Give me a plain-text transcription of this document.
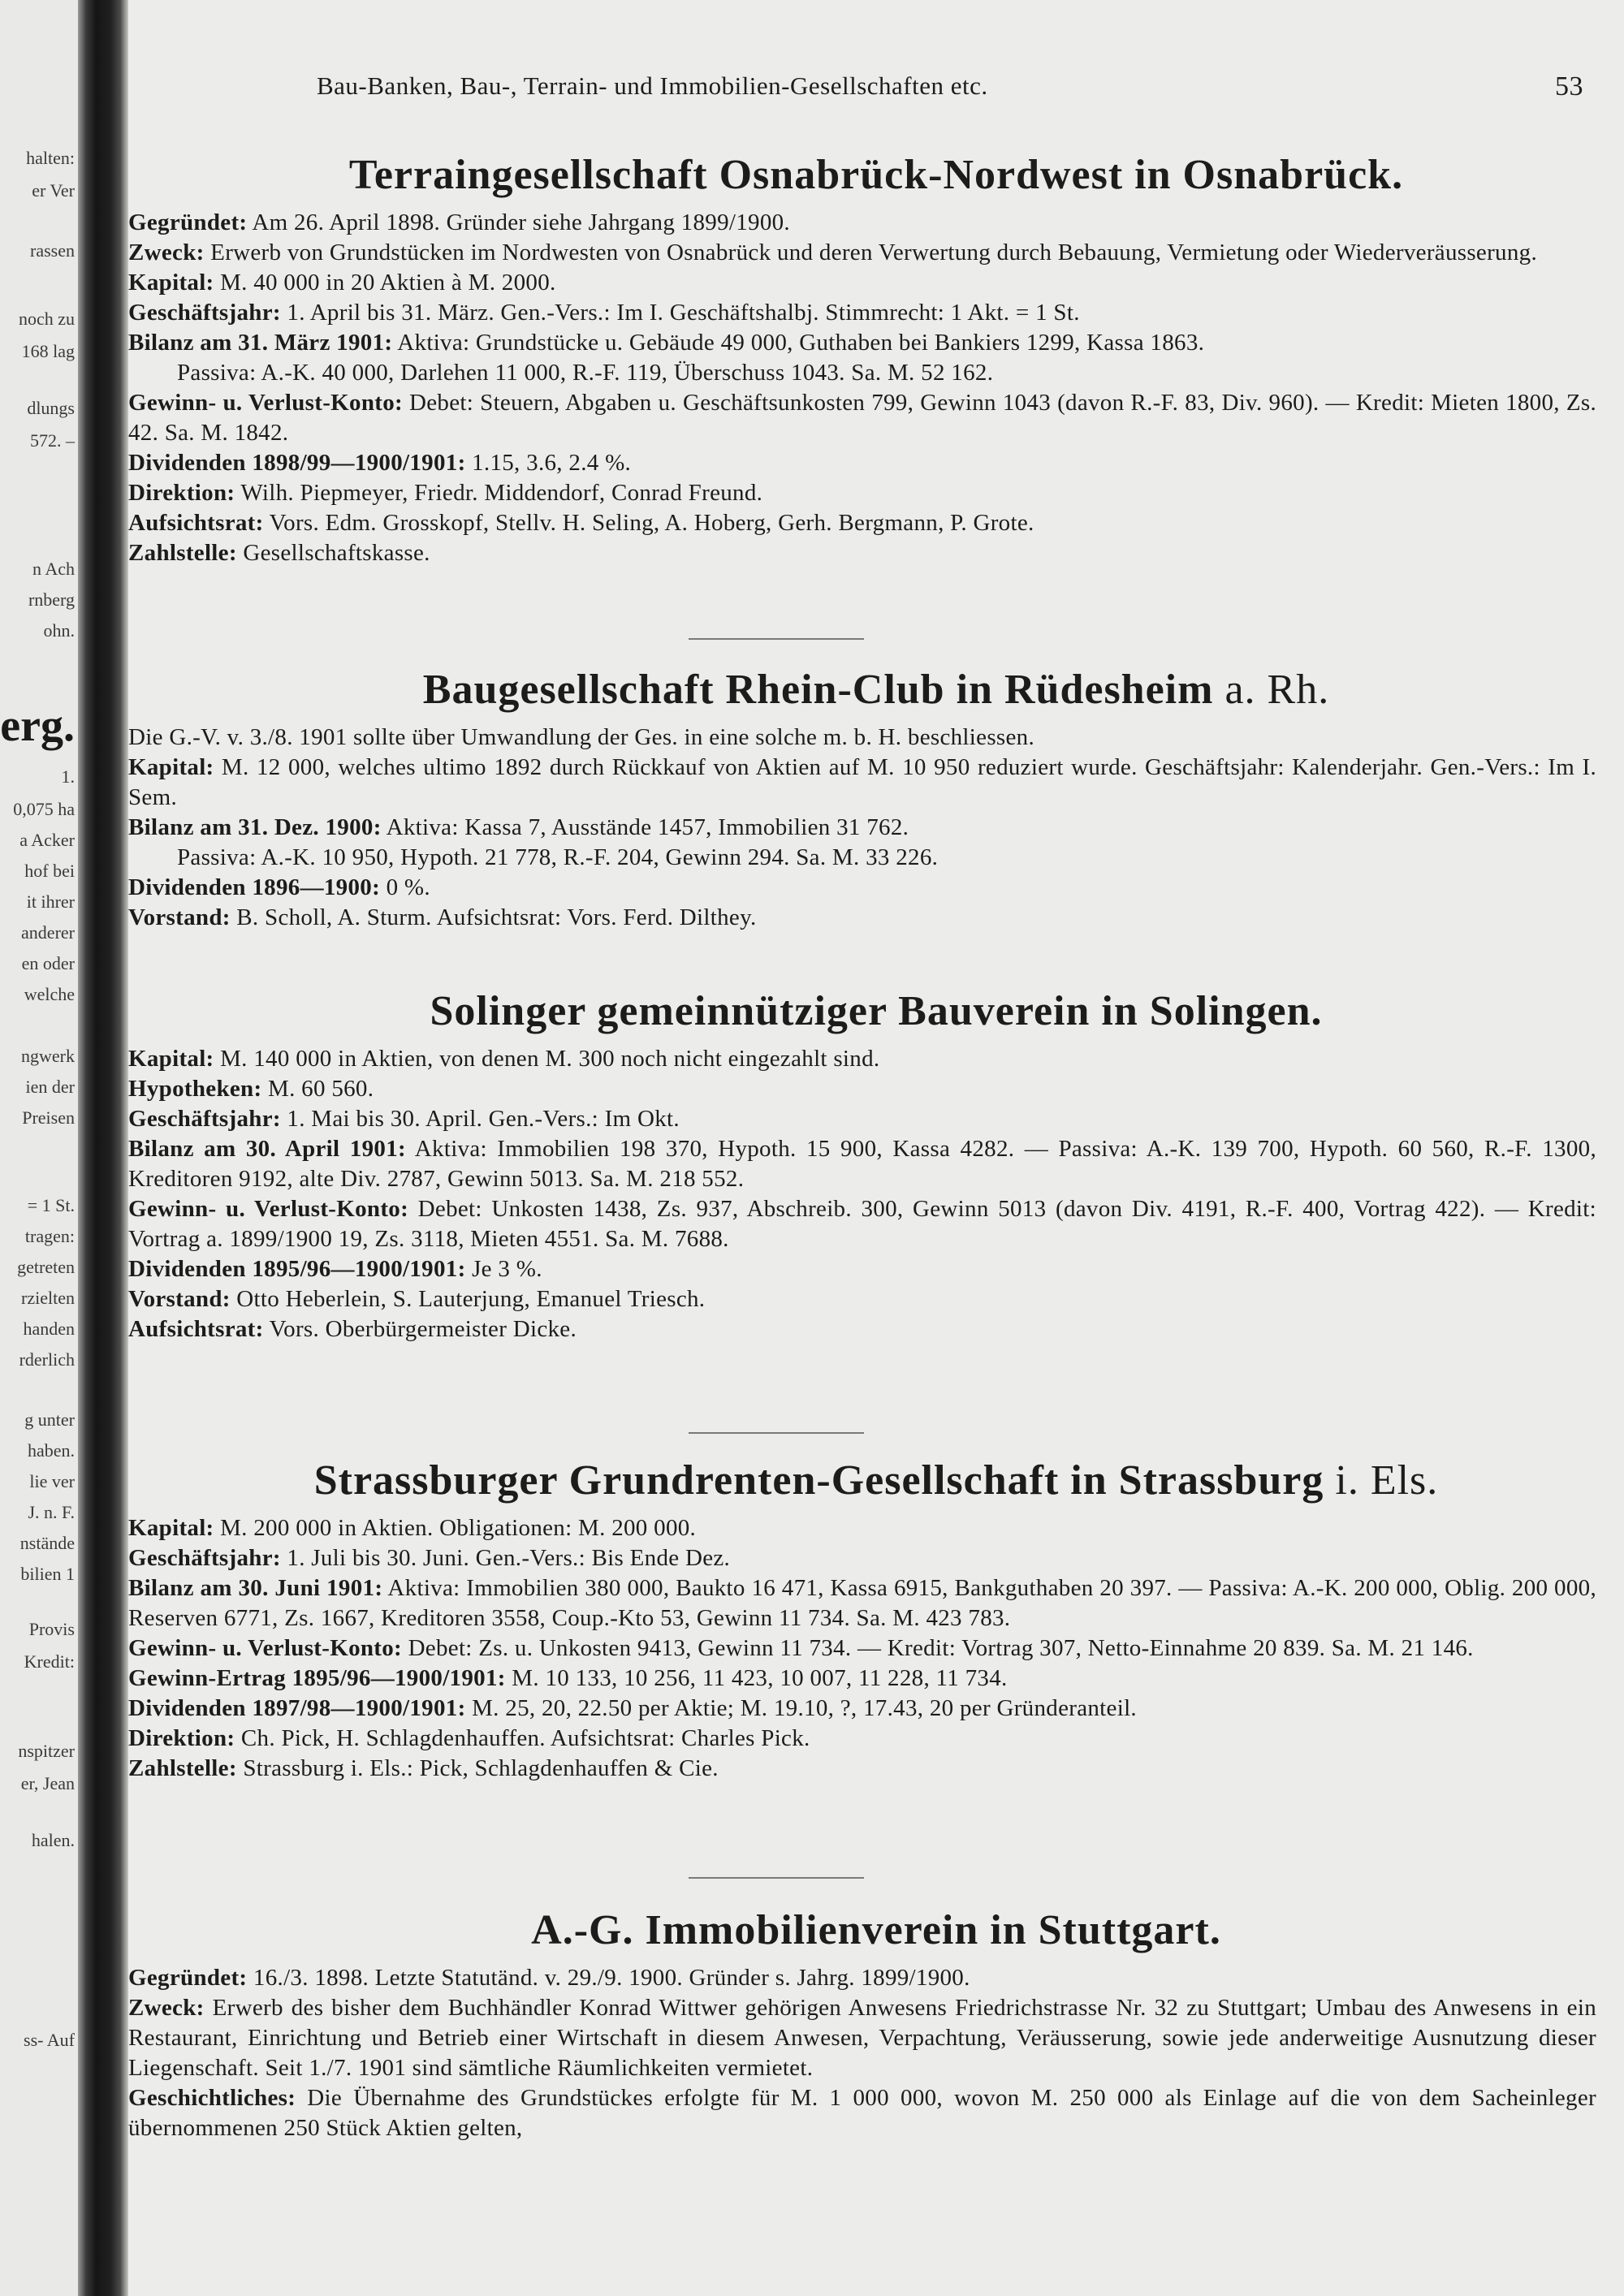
halten:
er Ver
rassen
noch zu
168 lag
dlungs
572. –
n Ach
rnberg
ohn.
erg.
1.
0,075 ha
a Acker
hof bei
it ihrer
anderer
en oder
welche
ngwerk
ien der
Preisen
= 1 St.
tragen:
getreten
rzielten
handen
rderlich
g unter
haben.
lie ver
J. n. F.
nstände
bilien 1
Provis
Kredit:
nspitzer
er, Jean
halen.
ss- Auf
Bau-Banken, Bau-, Terrain- und Immobilien-Gesellschaften etc.	53
Terraingesellschaft Osnabrück-Nordwest in Osnabrück.
Gegründet: Am 26. April 1898. Gründer siehe Jahrgang 1899/1900.
Zweck: Erwerb von Grundstücken im Nordwesten von Osnabrück und deren Verwertung durch Bebauung, Vermietung oder Wiederveräusserung.
Kapital: M. 40 000 in 20 Aktien à M. 2000.
Geschäftsjahr: 1. April bis 31. März. Gen.-Vers.: Im I. Geschäftshalbj. Stimmrecht: 1 Akt. = 1 St.
Bilanz am 31. März 1901: Aktiva: Grundstücke u. Gebäude 49 000, Guthaben bei Bankiers 1299, Kassa 1863.
Passiva: A.-K. 40 000, Darlehen 11 000, R.-F. 119, Überschuss 1043. Sa. M. 52 162.
Gewinn- u. Verlust-Konto: Debet: Steuern, Abgaben u. Geschäftsunkosten 799, Gewinn 1043 (davon R.-F. 83, Div. 960). — Kredit: Mieten 1800, Zs. 42. Sa. M. 1842.
Dividenden 1898/99—1900/1901: 1.15, 3.6, 2.4 %.
Direktion: Wilh. Piepmeyer, Friedr. Middendorf, Conrad Freund.
Aufsichtsrat: Vors. Edm. Grosskopf, Stellv. H. Seling, A. Hoberg, Gerh. Bergmann, P. Grote.
Zahlstelle: Gesellschaftskasse.
Baugesellschaft Rhein-Club in Rüdesheim a. Rh.
Die G.-V. v. 3./8. 1901 sollte über Umwandlung der Ges. in eine solche m. b. H. beschliessen.
Kapital: M. 12 000, welches ultimo 1892 durch Rückkauf von Aktien auf M. 10 950 reduziert wurde. Geschäftsjahr: Kalenderjahr. Gen.-Vers.: Im I. Sem.
Bilanz am 31. Dez. 1900: Aktiva: Kassa 7, Ausstände 1457, Immobilien 31 762.
Passiva: A.-K. 10 950, Hypoth. 21 778, R.-F. 204, Gewinn 294. Sa. M. 33 226.
Dividenden 1896—1900: 0 %.
Vorstand: B. Scholl, A. Sturm. Aufsichtsrat: Vors. Ferd. Dilthey.
Solinger gemeinnütziger Bauverein in Solingen.
Kapital: M. 140 000 in Aktien, von denen M. 300 noch nicht eingezahlt sind.
Hypotheken: M. 60 560.
Geschäftsjahr: 1. Mai bis 30. April. Gen.-Vers.: Im Okt.
Bilanz am 30. April 1901: Aktiva: Immobilien 198 370, Hypoth. 15 900, Kassa 4282. — Passiva: A.-K. 139 700, Hypoth. 60 560, R.-F. 1300, Kreditoren 9192, alte Div. 2787, Gewinn 5013. Sa. M. 218 552.
Gewinn- u. Verlust-Konto: Debet: Unkosten 1438, Zs. 937, Abschreib. 300, Gewinn 5013 (davon Div. 4191, R.-F. 400, Vortrag 422). — Kredit: Vortrag a. 1899/1900 19, Zs. 3118, Mieten 4551. Sa. M. 7688.
Dividenden 1895/96—1900/1901: Je 3 %.
Vorstand: Otto Heberlein, S. Lauterjung, Emanuel Triesch.
Aufsichtsrat: Vors. Oberbürgermeister Dicke.
Strassburger Grundrenten-Gesellschaft in Strassburg i. Els.
Kapital: M. 200 000 in Aktien. Obligationen: M. 200 000.
Geschäftsjahr: 1. Juli bis 30. Juni. Gen.-Vers.: Bis Ende Dez.
Bilanz am 30. Juni 1901: Aktiva: Immobilien 380 000, Baukto 16 471, Kassa 6915, Bankguthaben 20 397. — Passiva: A.-K. 200 000, Oblig. 200 000, Reserven 6771, Zs. 1667, Kreditoren 3558, Coup.-Kto 53, Gewinn 11 734. Sa. M. 423 783.
Gewinn- u. Verlust-Konto: Debet: Zs. u. Unkosten 9413, Gewinn 11 734. — Kredit: Vortrag 307, Netto-Einnahme 20 839. Sa. M. 21 146.
Gewinn-Ertrag 1895/96—1900/1901: M. 10 133, 10 256, 11 423, 10 007, 11 228, 11 734.
Dividenden 1897/98—1900/1901: M. 25, 20, 22.50 per Aktie; M. 19.10, ?, 17.43, 20 per Gründeranteil.
Direktion: Ch. Pick, H. Schlagdenhauffen. Aufsichtsrat: Charles Pick.
Zahlstelle: Strassburg i. Els.: Pick, Schlagdenhauffen & Cie.
A.-G. Immobilienverein in Stuttgart.
Gegründet: 16./3. 1898. Letzte Statutänd. v. 29./9. 1900. Gründer s. Jahrg. 1899/1900.
Zweck: Erwerb des bisher dem Buchhändler Konrad Wittwer gehörigen Anwesens Friedrichstrasse Nr. 32 zu Stuttgart; Umbau des Anwesens in ein Restaurant, Einrichtung und Betrieb einer Wirtschaft in diesem Anwesen, Verpachtung, Veräusserung, sowie jede anderweitige Ausnutzung dieser Liegenschaft. Seit 1./7. 1901 sind sämtliche Räumlichkeiten vermietet.
Geschichtliches: Die Übernahme des Grundstückes erfolgte für M. 1 000 000, wovon M. 250 000 als Einlage auf die von dem Sacheinleger übernommenen 250 Stück Aktien gelten,
